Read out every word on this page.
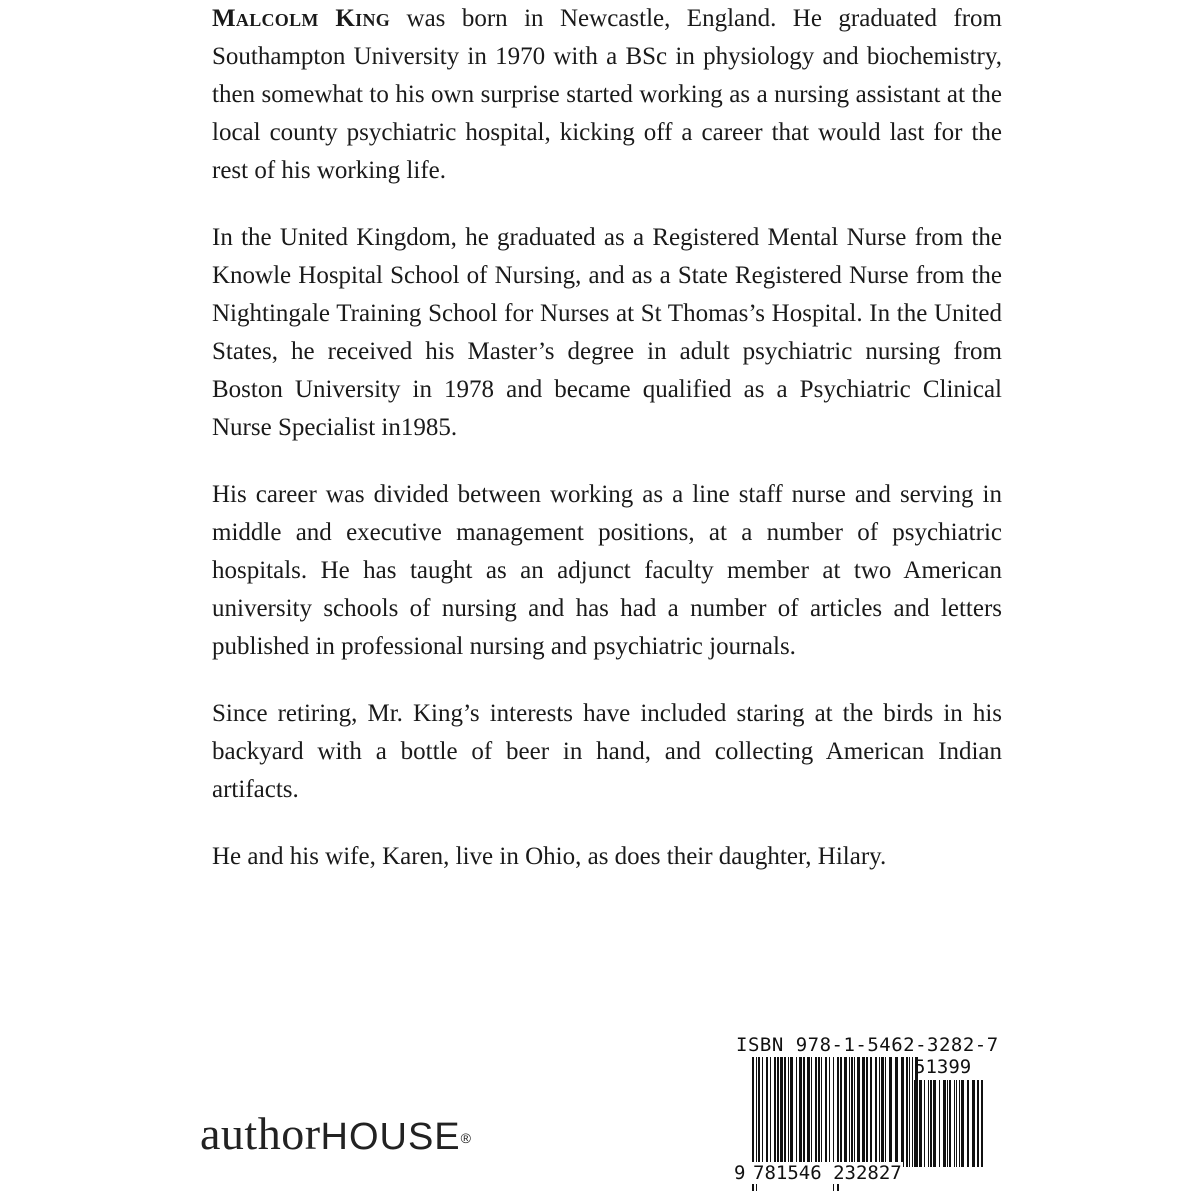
Malcolm King was born in Newcastle, England. He graduated from Southampton University in 1970 with a BSc in physiology and biochemistry, then somewhat to his own surprise started working as a nursing assistant at the local county psychiatric hospital, kicking off a career that would last for the rest of his working life.

In the United Kingdom, he graduated as a Registered Mental Nurse from the Knowle Hospital School of Nursing, and as a State Registered Nurse from the Nightingale Training School for Nurses at St Thomas’s Hospital. In the United States, he received his Master’s degree in adult psychiatric nursing from Boston University in 1978 and became qualified as a Psychiatric Clinical Nurse Specialist in1985.

His career was divided between working as a line staff nurse and serving in middle and executive management positions, at a number of psychiatric hospitals. He has taught as an adjunct faculty member at two American university schools of nursing and has had a number of articles and letters published in professional nursing and psychiatric journals.

Since retiring, Mr. King’s interests have included staring at the birds in his backyard with a bottle of beer in hand, and collecting American Indian artifacts.

He and his wife, Karen, live in Ohio, as does their daughter, Hilary.

authorHOUSE®
ISBN 978-1-5462-3282-7
51399
9 781546 232827
